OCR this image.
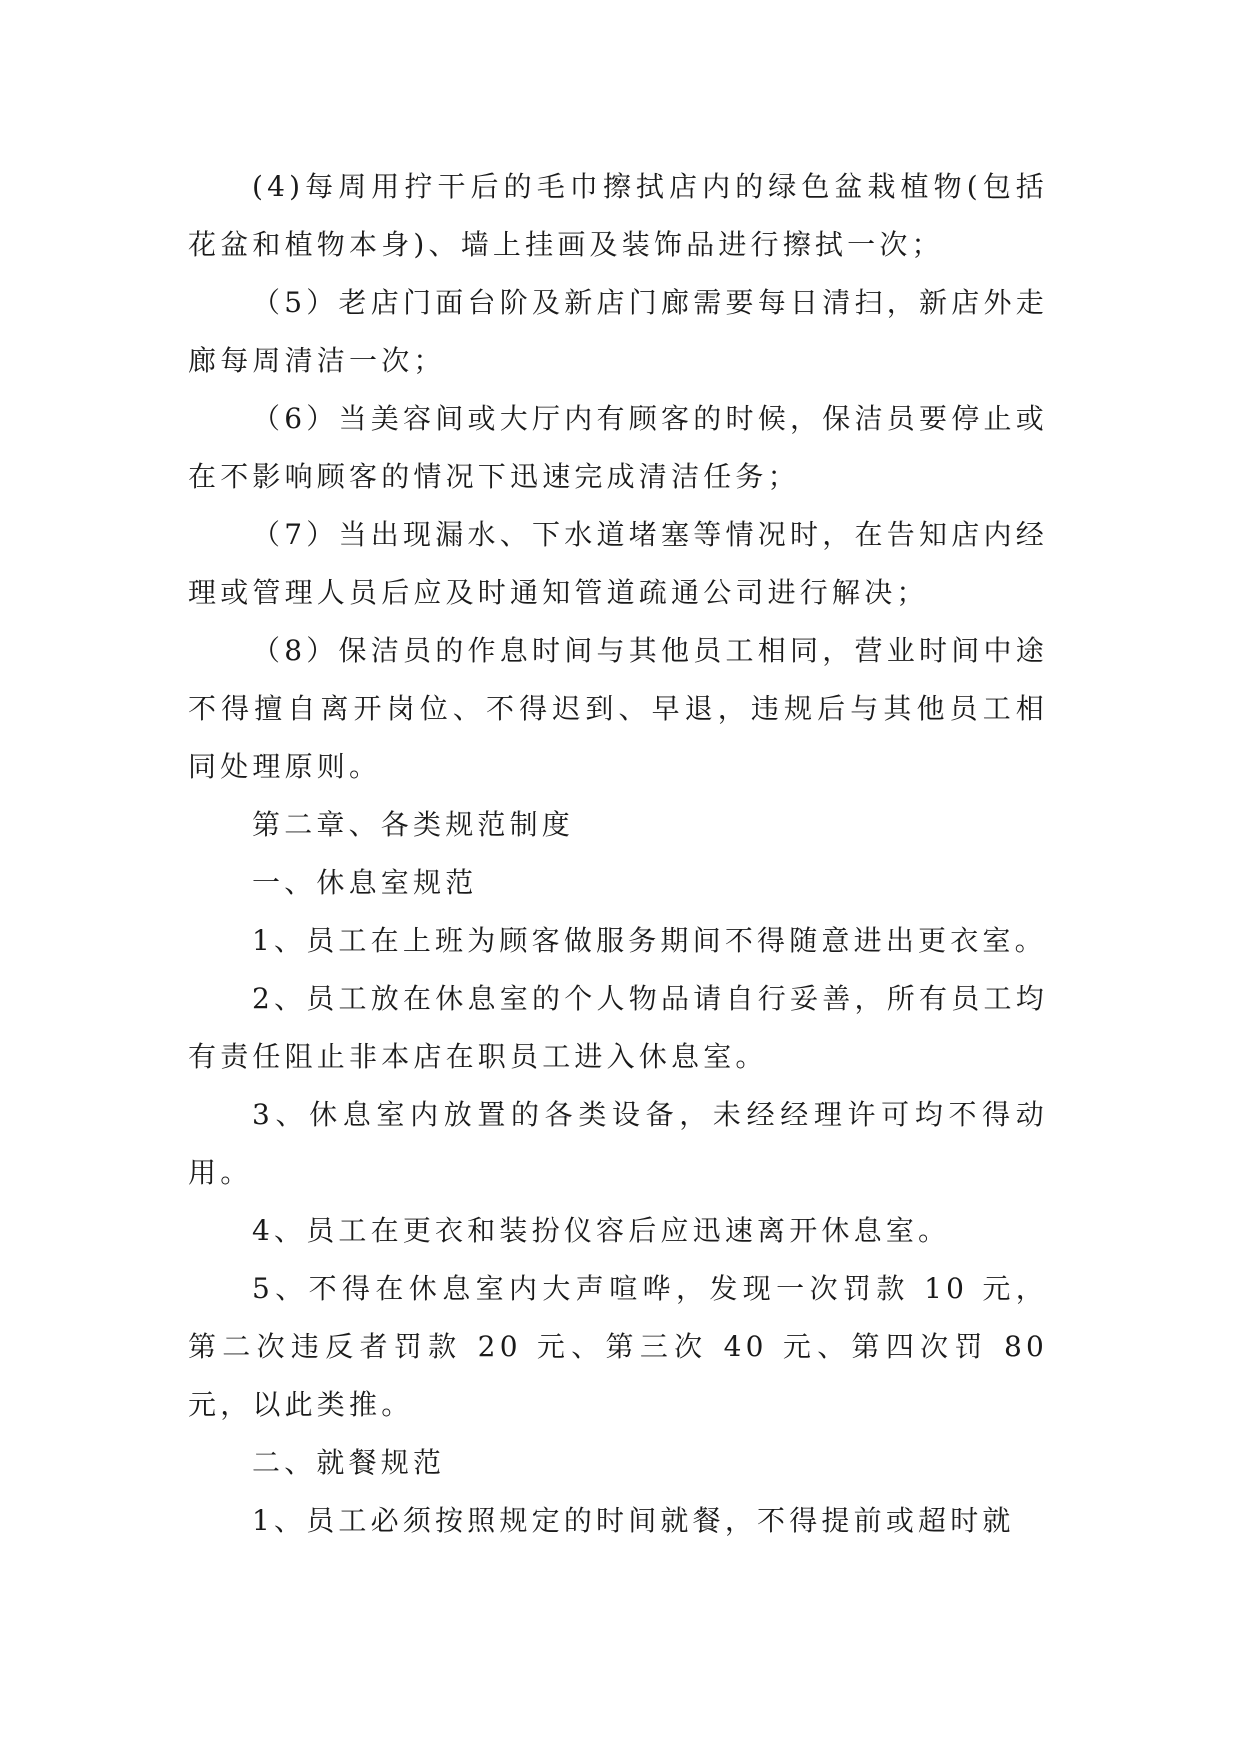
(4)每周用拧干后的毛巾擦拭店内的绿色盆栽植物(包括花盆和植物本身)、墙上挂画及装饰品进行擦拭一次；

（5）老店门面台阶及新店门廊需要每日清扫，新店外走廊每周清洁一次；

（6）当美容间或大厅内有顾客的时候，保洁员要停止或在不影响顾客的情况下迅速完成清洁任务；

（7）当出现漏水、下水道堵塞等情况时，在告知店内经理或管理人员后应及时通知管道疏通公司进行解决；

（8）保洁员的作息时间与其他员工相同，营业时间中途不得擅自离开岗位、不得迟到、早退，违规后与其他员工相同处理原则。

第二章、各类规范制度

一、休息室规范

1、员工在上班为顾客做服务期间不得随意进出更衣室。

2、员工放在休息室的个人物品请自行妥善，所有员工均有责任阻止非本店在职员工进入休息室。

3、休息室内放置的各类设备，未经经理许可均不得动用。

4、员工在更衣和装扮仪容后应迅速离开休息室。

5、不得在休息室内大声喧哗，发现一次罚款 10 元，第二次违反者罚款 20 元、第三次 40 元、第四次罚 80 元，以此类推。

二、就餐规范

1、员工必须按照规定的时间就餐，不得提前或超时就
